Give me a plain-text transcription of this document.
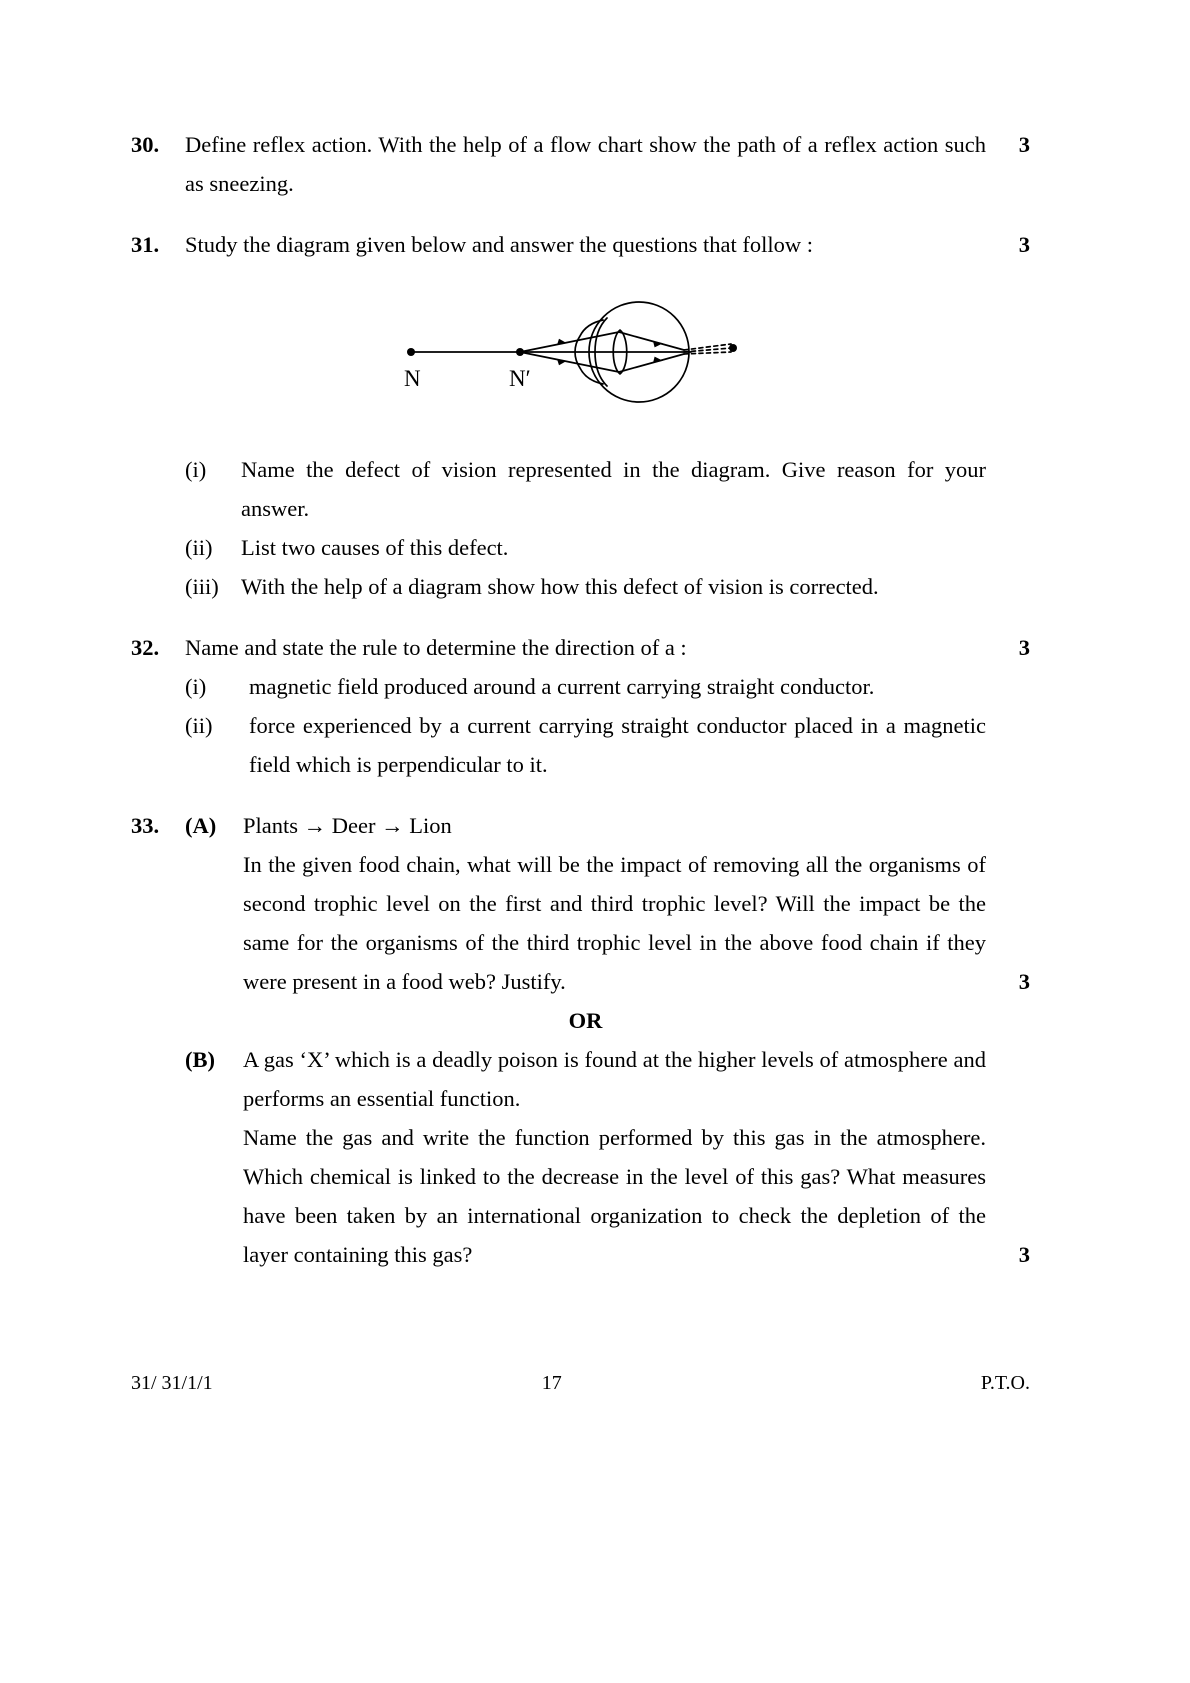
30.	Define reflex action. With the help of a flow chart show the path of a reflex action such as sneezing.
3
31.	Study the diagram given below and answer the questions that follow :	3
N	N′

(i)	Name the defect of vision represented in the diagram. Give reason for your answer.

(ii)	List two causes of this defect.

(iii) With the help of a diagram show how this defect of vision is corrected.
32.	Name and state the rule to determine the direction of a :	3

(i)	magnetic field produced around a current carrying straight conductor.

(ii)	force experienced by a current carrying straight conductor placed in a magnetic field which is perpendicular to it.
33.	(A)	Plants → Deer → Lion

In the given food chain, what will be the impact of removing all the organisms of second trophic level on the first and third trophic level? Will the impact be the same for the organisms of the third trophic level in the above food chain if they were present in a food web? Justify.

	3

OR

(B)	A gas ‘X’ which is a deadly poison is found at the higher levels of atmosphere and performs an essential function.

Name the gas and write the function performed by this gas in the atmosphere. Which chemical is linked to the decrease in the level of this gas? What measures have been taken by an international organization to check the depletion of the layer containing this gas?

	3
31/ 31/1/1	17	P.T.O.
